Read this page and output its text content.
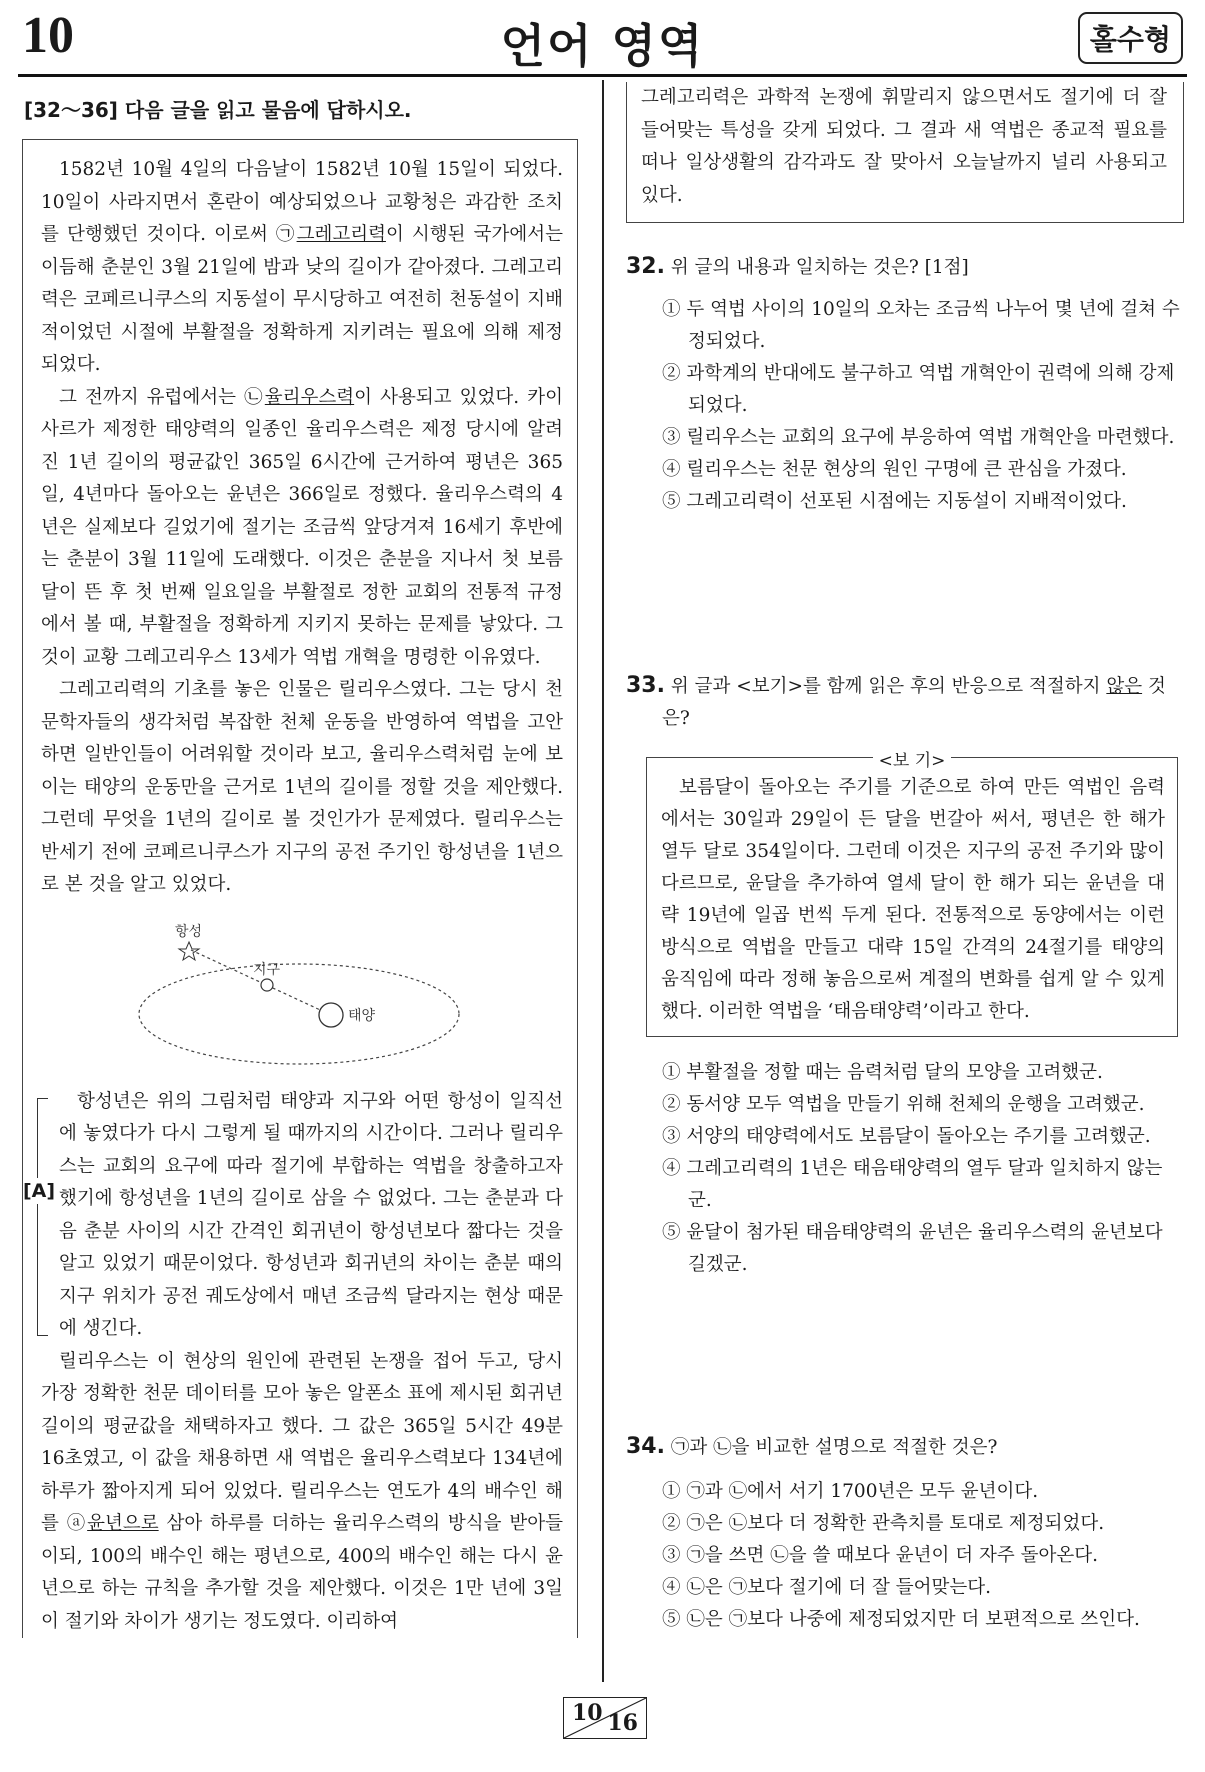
10	언어 영역	홀수형
[32～36] 다음 글을 읽고 물음에 답하시오.

1582년 10월 4일의 다음날이 1582년 10월 15일이 되었다. 10일이 사라지면서 혼란이 예상되었으나 교황청은 과감한 조치를 단행했던 것이다. 이로써 ㉠그레고리력이 시행된 국가에서는 이듬해 춘분인 3월 21일에 밤과 낮의 길이가 같아졌다. 그레고리력은 코페르니쿠스의 지동설이 무시당하고 여전히 천동설이 지배적이었던 시절에 부활절을 정확하게 지키려는 필요에 의해 제정되었다.

그 전까지 유럽에서는 ㉡율리우스력이 사용되고 있었다. 카이사르가 제정한 태양력의 일종인 율리우스력은 제정 당시에 알려진 1년 길이의 평균값인 365일 6시간에 근거하여 평년은 365일, 4년마다 돌아오는 윤년은 366일로 정했다. 율리우스력의 4년은 실제보다 길었기에 절기는 조금씩 앞당겨져 16세기 후반에는 춘분이 3월 11일에 도래했다. 이것은 춘분을 지나서 첫 보름달이 뜬 후 첫 번째 일요일을 부활절로 정한 교회의 전통적 규정에서 볼 때, 부활절을 정확하게 지키지 못하는 문제를 낳았다. 그것이 교황 그레고리우스 13세가 역법 개혁을 명령한 이유였다.

그레고리력의 기초를 놓은 인물은 릴리우스였다. 그는 당시 천문학자들의 생각처럼 복잡한 천체 운동을 반영하여 역법을 고안하면 일반인들이 어려워할 것이라 보고, 율리우스력처럼 눈에 보이는 태양의 운동만을 근거로 1년의 길이를 정할 것을 제안했다. 그런데 무엇을 1년의 길이로 볼 것인가가 문제였다. 릴리우스는 반세기 전에 코페르니쿠스가 지구의 공전 주기인 항성년을 1년으로 본 것을 알고 있었다.

항성
지구
태양
[A]

항성년은 위의 그림처럼 태양과 지구와 어떤 항성이 일직선에 놓였다가 다시 그렇게 될 때까지의 시간이다. 그러나 릴리우스는 교회의 요구에 따라 절기에 부합하는 역법을 창출하고자 했기에 항성년을 1년의 길이로 삼을 수 없었다. 그는 춘분과 다음 춘분 사이의 시간 간격인 회귀년이 항성년보다 짧다는 것을 알고 있었기 때문이었다. 항성년과 회귀년의 차이는 춘분 때의 지구 위치가 공전 궤도상에서 매년 조금씩 달라지는 현상 때문에 생긴다.

릴리우스는 이 현상의 원인에 관련된 논쟁을 접어 두고, 당시 가장 정확한 천문 데이터를 모아 놓은 알폰소 표에 제시된 회귀년 길이의 평균값을 채택하자고 했다. 그 값은 365일 5시간 49분 16초였고, 이 값을 채용하면 새 역법은 율리우스력보다 134년에 하루가 짧아지게 되어 있었다. 릴리우스는 연도가 4의 배수인 해를 ⓐ윤년으로 삼아 하루를 더하는 율리우스력의 방식을 받아들이되, 100의 배수인 해는 평년으로, 400의 배수인 해는 다시 윤년으로 하는 규칙을 추가할 것을 제안했다. 이것은 1만 년에 3일이 절기와 차이가 생기는 정도였다. 이리하여

그레고리력은 과학적 논쟁에 휘말리지 않으면서도 절기에 더 잘 들어맞는 특성을 갖게 되었다. 그 결과 새 역법은 종교적 필요를 떠나 일상생활의 감각과도 잘 맞아서 오늘날까지 널리 사용되고 있다.

32. 위 글의 내용과 일치하는 것은? [1점]
① 두 역법 사이의 10일의 오차는 조금씩 나누어 몇 년에 걸쳐 수정되었다.
② 과학계의 반대에도 불구하고 역법 개혁안이 권력에 의해 강제되었다.
③ 릴리우스는 교회의 요구에 부응하여 역법 개혁안을 마련했다.
④ 릴리우스는 천문 현상의 원인 구명에 큰 관심을 가졌다.
⑤ 그레고리력이 선포된 시점에는 지동설이 지배적이었다.
33. 위 글과 <보기>를 함께 읽은 후의 반응으로 적절하지 않은 것은?
<보 기>

보름달이 돌아오는 주기를 기준으로 하여 만든 역법인 음력에서는 30일과 29일이 든 달을 번갈아 써서, 평년은 한 해가 열두 달로 354일이다. 그런데 이것은 지구의 공전 주기와 많이 다르므로, 윤달을 추가하여 열세 달이 한 해가 되는 윤년을 대략 19년에 일곱 번씩 두게 된다. 전통적으로 동양에서는 이런 방식으로 역법을 만들고 대략 15일 간격의 24절기를 태양의 움직임에 따라 정해 놓음으로써 계절의 변화를 쉽게 알 수 있게 했다. 이러한 역법을 ‘태음태양력’이라고 한다.

① 부활절을 정할 때는 음력처럼 달의 모양을 고려했군.
② 동서양 모두 역법을 만들기 위해 천체의 운행을 고려했군.
③ 서양의 태양력에서도 보름달이 돌아오는 주기를 고려했군.
④ 그레고리력의 1년은 태음태양력의 열두 달과 일치하지 않는군.
⑤ 윤달이 첨가된 태음태양력의 윤년은 율리우스력의 윤년보다 길겠군.
34. ㉠과 ㉡을 비교한 설명으로 적절한 것은?
① ㉠과 ㉡에서 서기 1700년은 모두 윤년이다.
② ㉠은 ㉡보다 더 정확한 관측치를 토대로 제정되었다.
③ ㉠을 쓰면 ㉡을 쓸 때보다 윤년이 더 자주 돌아온다.
④ ㉡은 ㉠보다 절기에 더 잘 들어맞는다.
⑤ ㉡은 ㉠보다 나중에 제정되었지만 더 보편적으로 쓰인다.
10 16
